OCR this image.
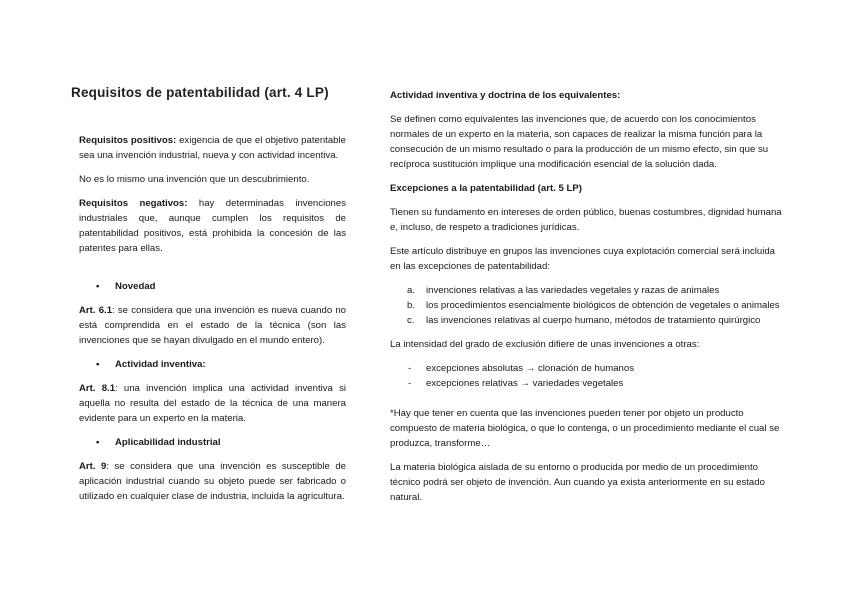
Requisitos de patentabilidad (art. 4 LP)

Requisitos positivos: exigencia de que el objetivo patentable sea una invención industrial, nueva y con actividad incentiva.

No es lo mismo una invención que un descubrimiento.

Requisitos negativos: hay determinadas invenciones industriales que, aunque cumplen los requisitos de patentabilidad positivos, está prohibida la concesión de las patentes para ellas.

• Novedad

Art. 6.1: se considera que una invención es nueva cuando no está comprendida en el estado de la técnica (son las invenciones que se hayan divulgado en el mundo entero).

• Actividad inventiva:

Art. 8.1: una invención implica una actividad inventiva si aquella no resulta del estado de la técnica de una manera evidente para un experto en la materia.

• Aplicabilidad industrial

Art. 9: se considera que una invención es susceptible de aplicación industrial cuando su objeto puede ser fabricado o utilizado en cualquier clase de industria, incluida la agricultura.

Actividad inventiva y doctrina de los equivalentes:

Se definen como equivalentes las invenciones que, de acuerdo con los conocimientos normales de un experto en la materia, son capaces de realizar la misma función para la consecución de un mismo resultado o para la producción de un mismo efecto, sin que su recíproca sustitución implique una modificación esencial de la solución dada.

Excepciones a la patentabilidad (art. 5 LP)

Tienen su fundamento en intereses de orden público, buenas costumbres, dignidad humana e, incluso, de respeto a tradiciones jurídicas.

Este artículo distribuye en grupos las invenciones cuya explotación comercial será incluida en las excepciones de patentabilidad:

a. invenciones relativas a las variedades vegetales y razas de animales
b. los procedimientos esencialmente biológicos de obtención de vegetales o animales
c. las invenciones relativas al cuerpo humano, métodos de tratamiento quirúrgico

La intensidad del grado de exclusión difiere de unas invenciones a otras:

- excepciones absolutas → clonación de humanos
- excepciones relativas → variedades vegetales

*Hay que tener en cuenta que las invenciones pueden tener por objeto un producto compuesto de materia biológica, o que lo contenga, o un procedimiento mediante el cual se produzca, transforme…

La materia biológica aislada de su entorno o producida por medio de un procedimiento técnico podrá ser objeto de invención. Aun cuando ya exista anteriormente en su estado natural.
